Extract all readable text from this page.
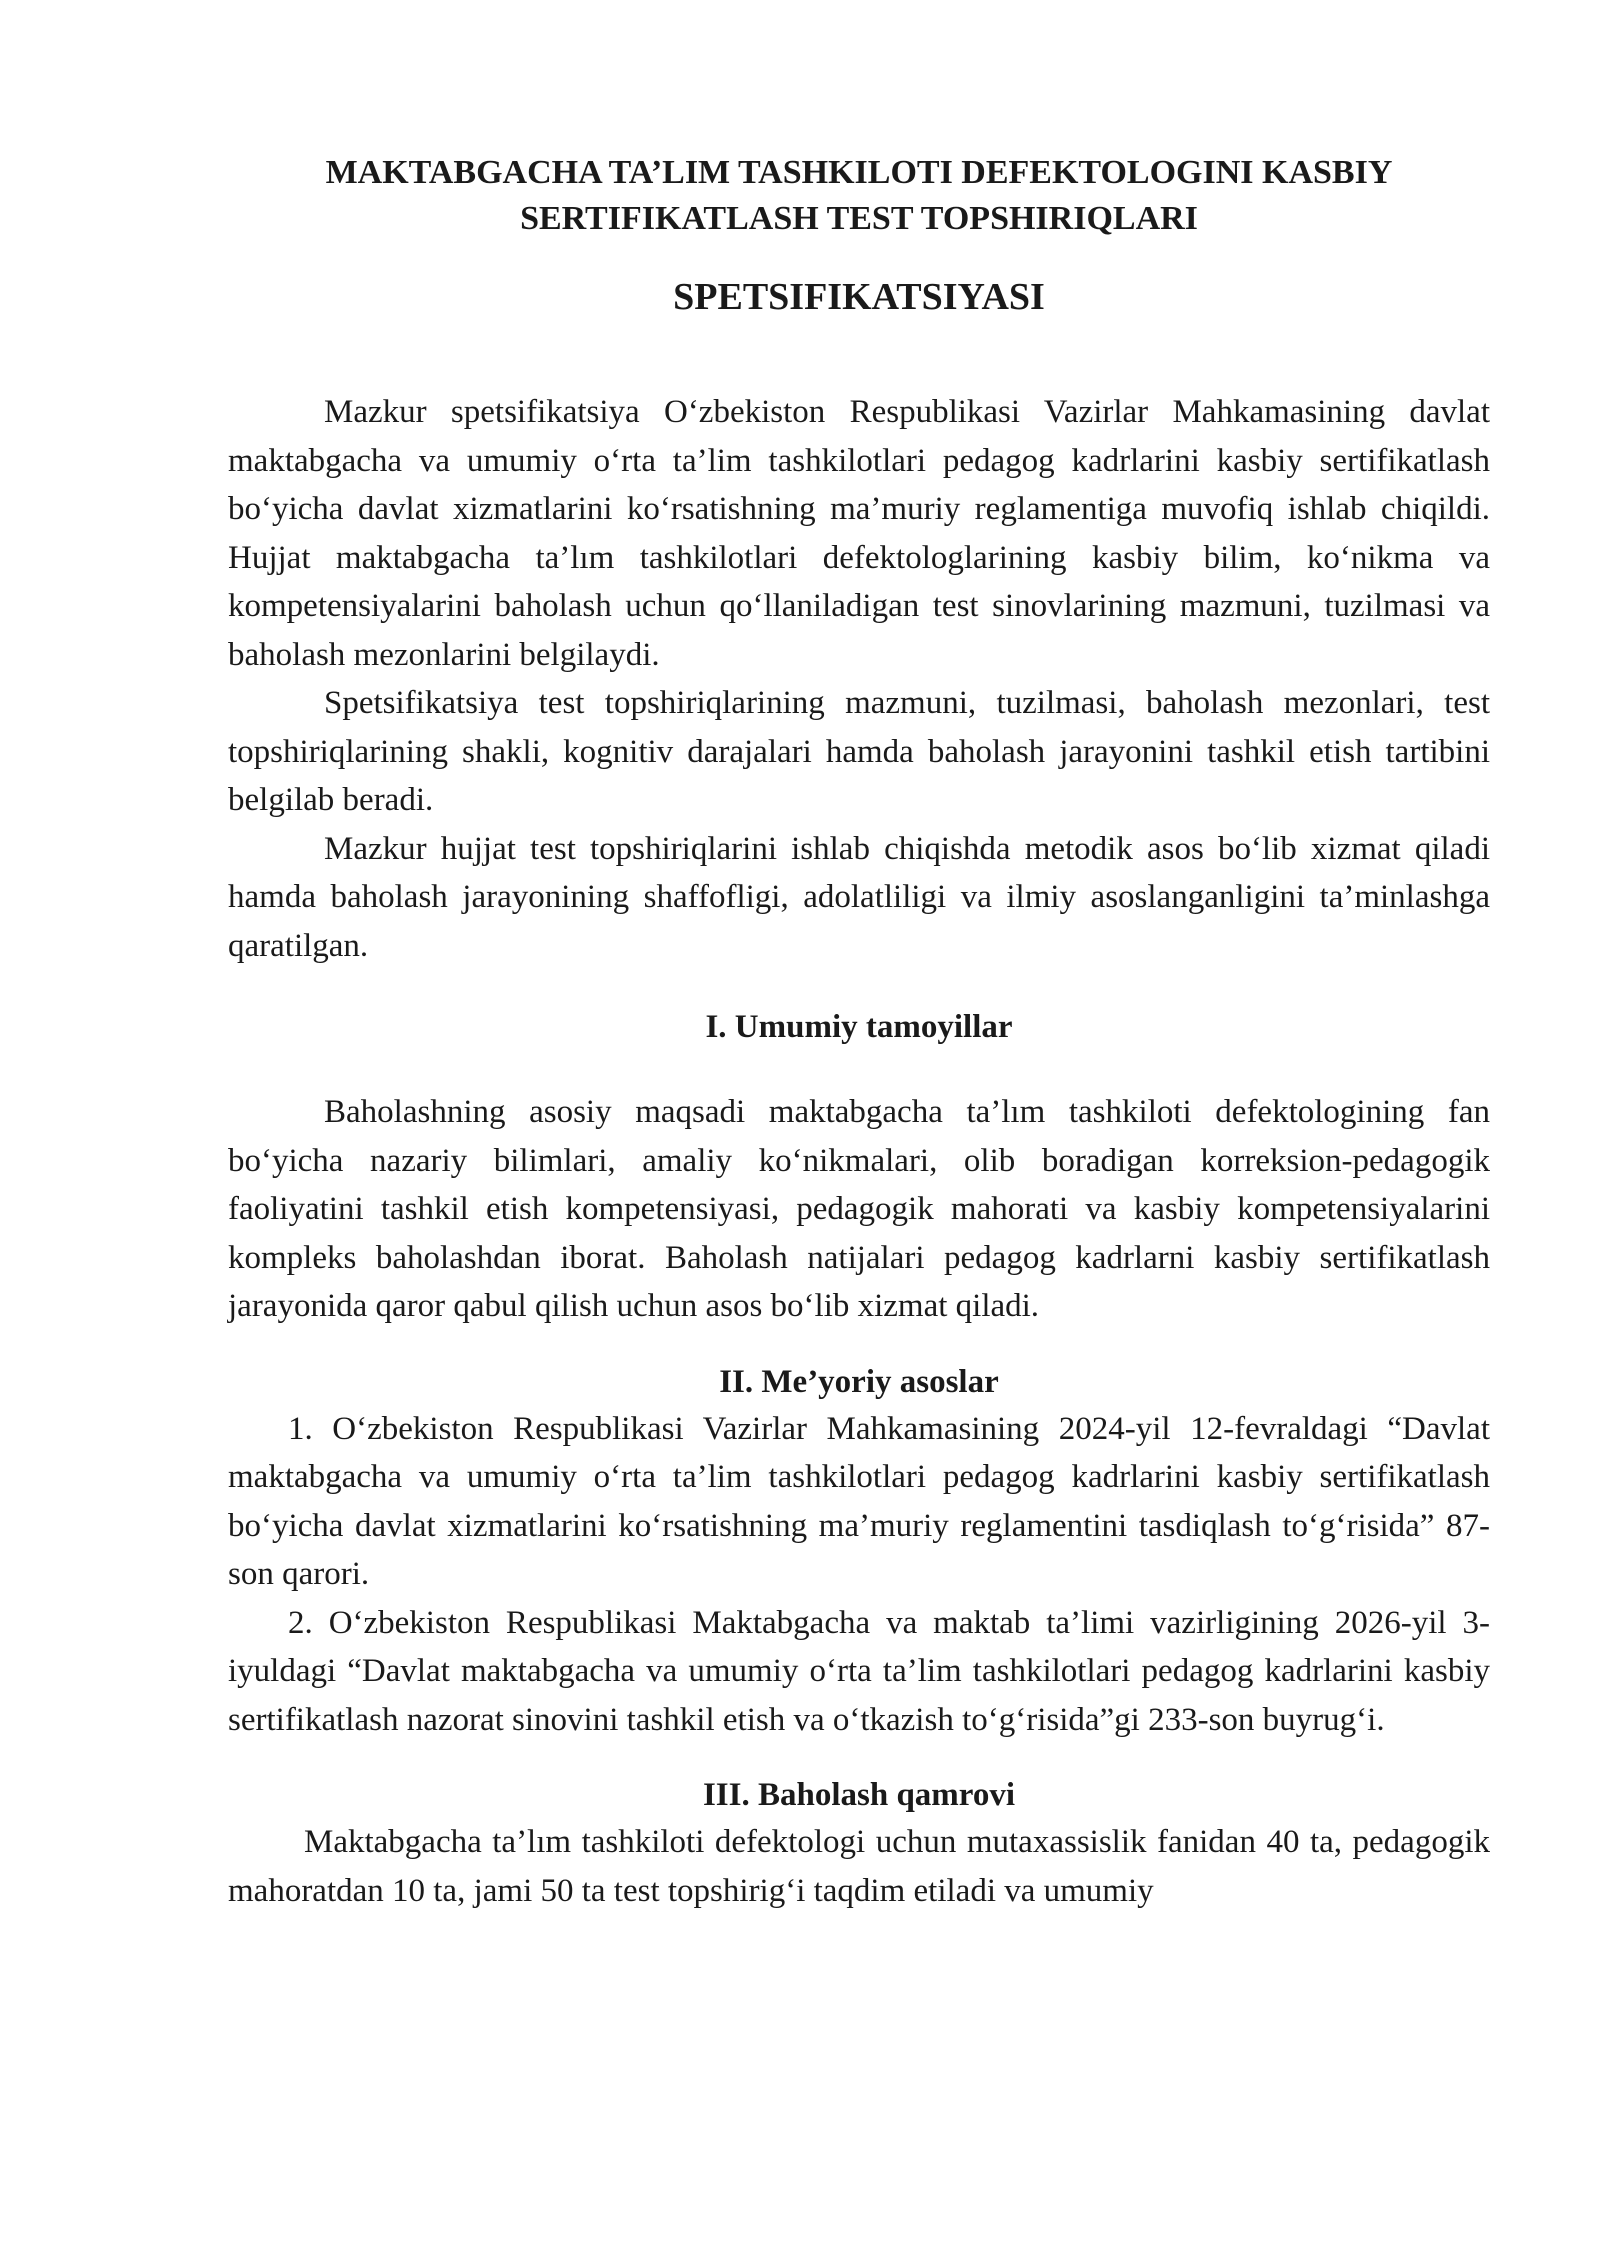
MAKTABGACHA TA’LIM TASHKILOTI DEFEKTOLOGINI KASBIY
SERTIFIKATLASH TEST TOPSHIRIQLARI

SPETSIFIKATSIYASI

Mazkur spetsifikatsiya O‘zbekiston Respublikasi Vazirlar Mahkamasining davlat maktabgacha va umumiy o‘rta ta’lim tashkilotlari pedagog kadrlarini kasbiy sertifikatlash bo‘yicha davlat xizmatlarini ko‘rsatishning ma’muriy reglamentiga muvofiq ishlab chiqildi. Hujjat maktabgacha ta’lım tashkilotlari defektologlarining kasbiy bilim, ko‘nikma va kompetensiyalarini baholash uchun qo‘llaniladigan test sinovlarining mazmuni, tuzilmasi va baholash mezonlarini belgilaydi.

Spetsifikatsiya test topshiriqlarining mazmuni, tuzilmasi, baholash mezonlari, test topshiriqlarining shakli, kognitiv darajalari hamda baholash jarayonini tashkil etish tartibini belgilab beradi.

Mazkur hujjat test topshiriqlarini ishlab chiqishda metodik asos bo‘lib xizmat qiladi hamda baholash jarayonining shaffofligi, adolatliligi va ilmiy asoslanganligini ta’minlashga qaratilgan.

I. Umumiy tamoyillar

Baholashning asosiy maqsadi maktabgacha ta’lım tashkiloti defektologining fan bo‘yicha nazariy bilimlari, amaliy ko‘nikmalari, olib boradigan korreksion-pedagogik faoliyatini tashkil etish kompetensiyasi, pedagogik mahorati va kasbiy kompetensiyalarini kompleks baholashdan iborat. Baholash natijalari pedagog kadrlarni kasbiy sertifikatlash jarayonida qaror qabul qilish uchun asos bo‘lib xizmat qiladi.

II. Me’yoriy asoslar

1. O‘zbekiston Respublikasi Vazirlar Mahkamasining 2024-yil 12-fevraldagi “Davlat maktabgacha va umumiy o‘rta ta’lim tashkilotlari pedagog kadrlarini kasbiy sertifikatlash bo‘yicha davlat xizmatlarini ko‘rsatishning ma’muriy reglamentini tasdiqlash to‘g‘risida” 87-son qarori.

2. O‘zbekiston Respublikasi Maktabgacha va maktab ta’limi vazirligining 2026-yil 3-iyuldagi “Davlat maktabgacha va umumiy o‘rta ta’lim tashkilotlari pedagog kadrlarini kasbiy sertifikatlash nazorat sinovini tashkil etish va o‘tkazish to‘g‘risida”gi 233-son buyrug‘i.

III. Baholash qamrovi

Maktabgacha ta’lım tashkiloti defektologi uchun mutaxassislik fanidan 40 ta, pedagogik mahoratdan 10 ta, jami 50 ta test topshirig‘i taqdim etiladi va umumiy
